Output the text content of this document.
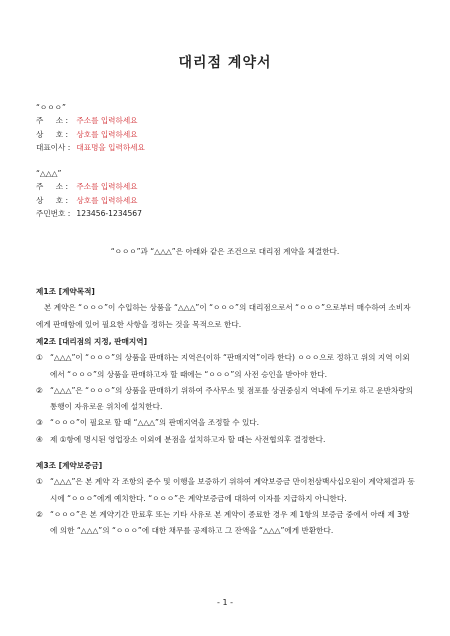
대리점 계약서
“ㅇㅇㅇ”
주 　 소 : 주소를 입력하세요
상 　 호 : 상호를 입력하세요
대표이사 : 대표명을 입력하세요
“△△△”
주 　 소 : 주소를 입력하세요
상 　 호 : 상호를 입력하세요
주민번호 : 123456-1234567
“ㅇㅇㅇ”과 “△△△”은 아래와 같은 조건으로 대리점 계약을 체결한다.
제1조 [계약목적]
본 계약은 “ㅇㅇㅇ”이 수입하는 상품을 “△△△”이 “ㅇㅇㅇ”의 대리점으로서 “ㅇㅇㅇ”으로부터 매수하여 소비자에게 판매함에 있어 필요한 사항을 정하는 것을 목적으로 한다.
제2조 [대리점의 지정, 판매지역]
① “△△△”이 “ㅇㅇㅇ”의 상품을 판매하는 지역은(이하 “판매지역”이라 한다) ㅇㅇㅇ으로 정하고 위의 지역 이외에서 “ㅇㅇㅇ”의 상품을 판매하고자 할 때에는 “ㅇㅇㅇ”의 사전 승인을 받아야 한다.
② “△△△”은 “ㅇㅇㅇ”의 상품을 판매하기 위하여 주사무소 및 점포를 상권중심지 역내에 두기로 하고 운반차량의 통행이 자유로운 위치에 설치한다.
③ “ㅇㅇㅇ”이 필요로 할 때 “△△△”의 판매지역을 조정할 수 있다.
④ 제 ①항에 명시된 영업장소 이외에 분점을 설치하고자 할 때는 사전협의후 결정한다.
제3조 [계약보증금]
① “△△△”은 본 계약 각 조항의 준수 및 이행을 보증하기 위하여 계약보증금 만이천삼백사십오원이 계약체결과 동시에 “ㅇㅇㅇ”에게 예치한다. “ㅇㅇㅇ”은 계약보증금에 대하여 이자를 지급하지 아니한다.
② “ㅇㅇㅇ”은 본 계약기간 만료후 또는 기타 사유로 본 계약이 종료한 경우 제 1항의 보증금 중에서 아래 제 3항에 의한 “△△△”의 “ㅇㅇㅇ”에 대한 채무를 공제하고 그 잔액을 “△△△”에게 반환한다.
- 1 -
